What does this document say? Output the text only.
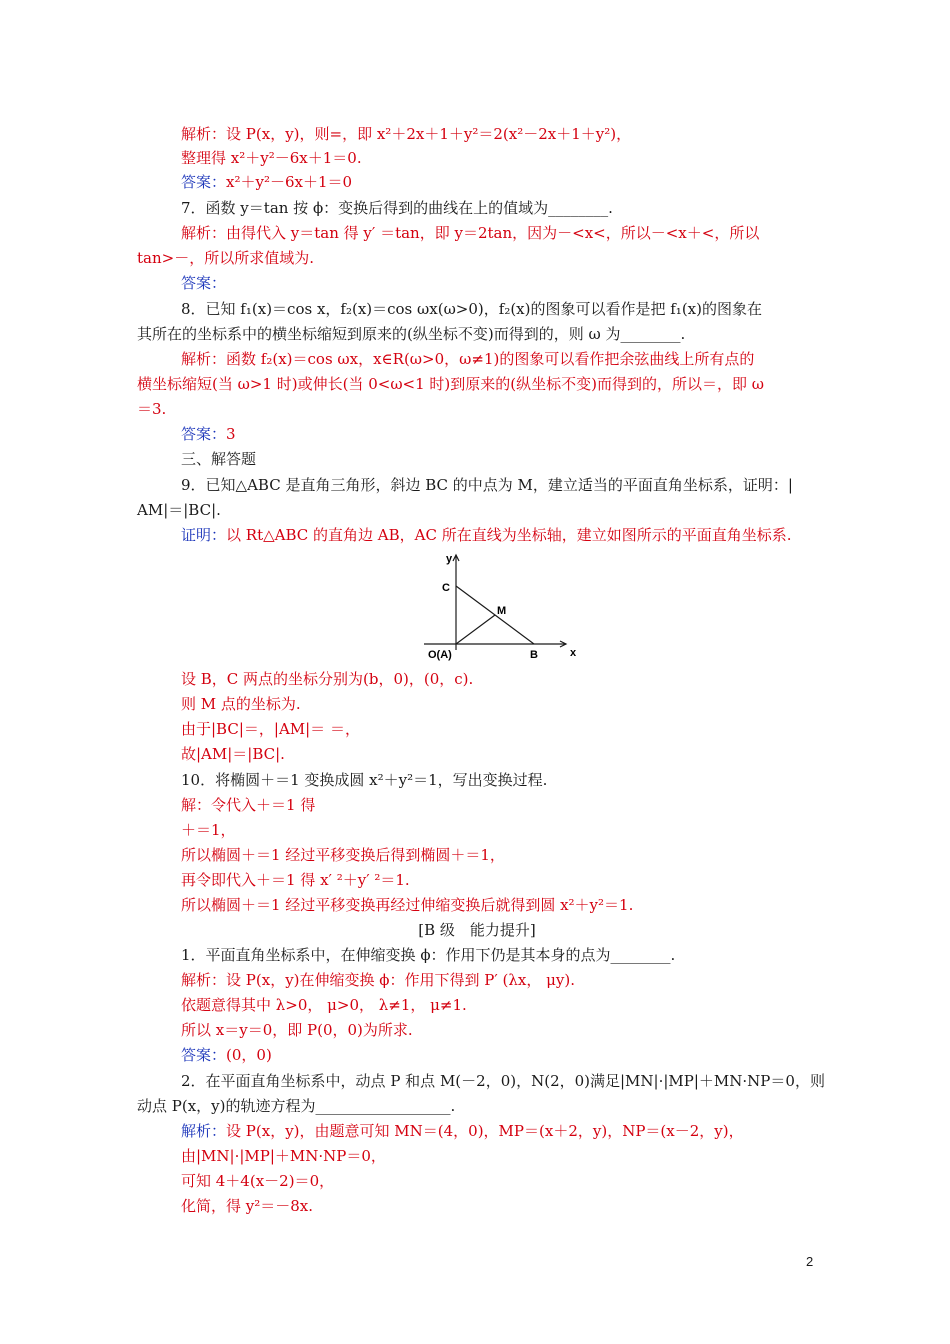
解析：设 P(x，y)，则=，即 x²＋2x＋1＋y²＝2(x²－2x＋1＋y²)，
整理得 x²＋y²－6x＋1＝0.
答案：x²＋y²－6x＋1＝0
7．函数 y＝tan 按 ϕ：变换后得到的曲线在上的值域为________.
解析：由得代入 y＝tan 得 y′ ＝tan，即 y＝2tan，因为－<x<，所以－<x＋<，所以
tan>－，所以所求值域为.
答案：
8．已知 f₁(x)＝cos x，f₂(x)＝cos ωx(ω>0)，f₂(x)的图象可以看作是把 f₁(x)的图象在
其所在的坐标系中的横坐标缩短到原来的(纵坐标不变)而得到的，则 ω 为________.
解析：函数 f₂(x)＝cos ωx，x∈R(ω>0，ω≠1)的图象可以看作把余弦曲线上所有点的
横坐标缩短(当 ω>1 时)或伸长(当 0<ω<1 时)到原来的(纵坐标不变)而得到的，所以＝，即 ω
＝3.
答案：3
三、解答题
9．已知△ABC 是直角三角形，斜边 BC 的中点为 M，建立适当的平面直角坐标系，证明：|
AM|＝|BC|.
证明：以 Rt△ABC 的直角边 AB，AC 所在直线为坐标轴，建立如图所示的平面直角坐标系.
y
x
C
M
B
O(A)
设 B，C 两点的坐标分别为(b，0)，(0，c).
则 M 点的坐标为.
由于|BC|＝，|AM|＝ ＝，
故|AM|＝|BC|.
10．将椭圆＋＝1 变换成圆 x²＋y²＝1，写出变换过程.
解：令代入＋＝1 得
＋＝1，
所以椭圆＋＝1 经过平移变换后得到椭圆＋＝1，
再令即代入＋＝1 得 x′ ²＋y′ ²＝1.
所以椭圆＋＝1 经过平移变换再经过伸缩变换后就得到圆 x²＋y²＝1.
[B 级　能力提升]
1．平面直角坐标系中，在伸缩变换 ϕ：作用下仍是其本身的点为________.
解析：设 P(x，y)在伸缩变换 ϕ：作用下得到 P′ (λx， μy).
依题意得其中 λ>0， μ>0， λ≠1， μ≠1.
所以 x＝y＝0，即 P(0，0)为所求.
答案：(0，0)
2．在平面直角坐标系中，动点 P 和点 M(－2，0)，N(2，0)满足|MN|·|MP|＋MN·NP＝0，则
动点 P(x，y)的轨迹方程为__________________.
解析：设 P(x，y)，由题意可知 MN＝(4，0)，MP＝(x＋2，y)，NP＝(x－2，y)，
由|MN|·|MP|＋MN·NP＝0，
可知 4＋4(x－2)＝0，
化简，得 y²＝－8x.
2
